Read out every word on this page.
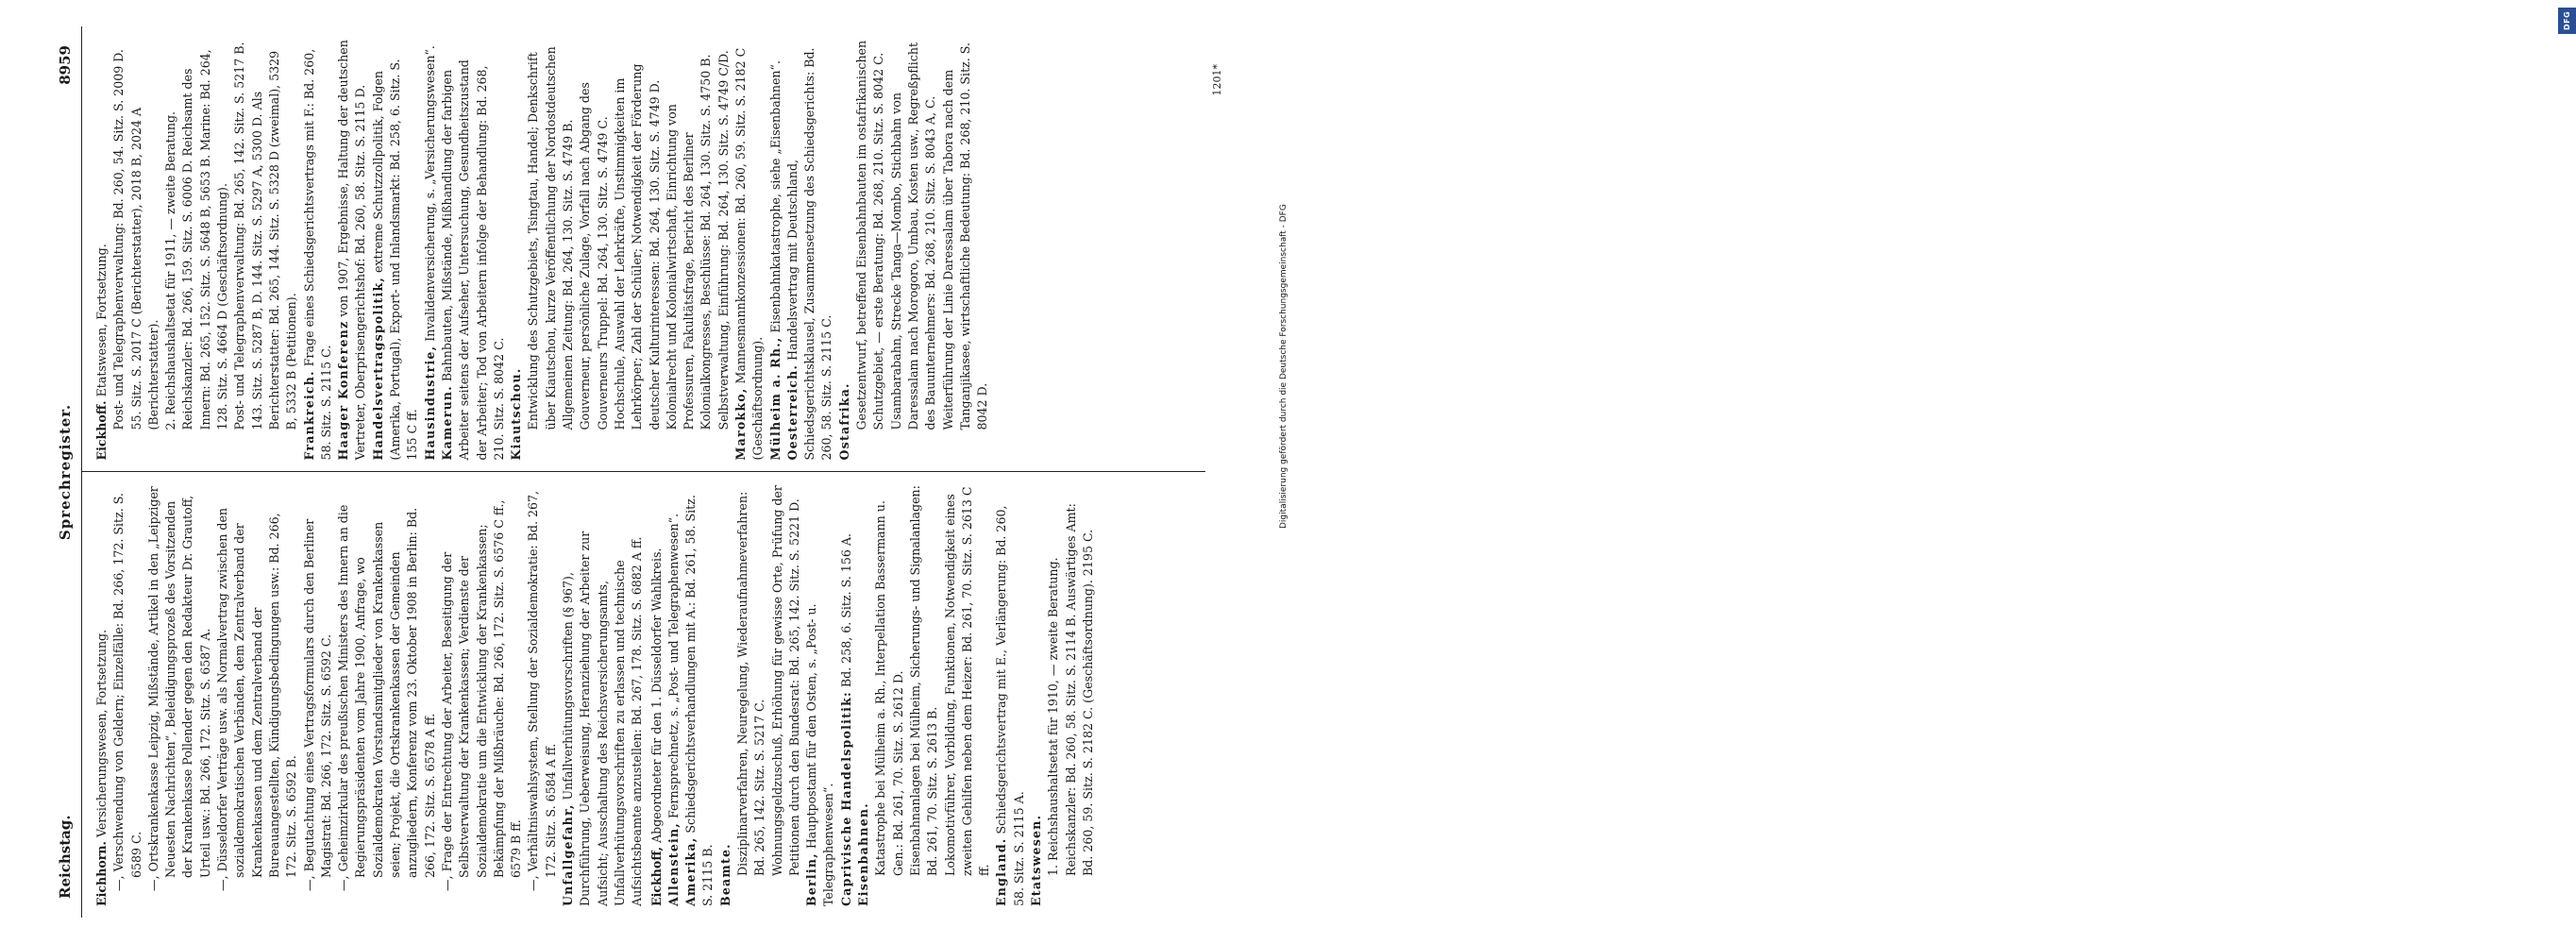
DFG
Digitalisierung gefördert durch die Deutsche Forschungsgemeinschaft - DFG
Reichstag.
Sprechregister.
8959

Eichhorn. Versicherungswesen, Fortsetzung. —, Verschwendung von Geldern; Einzelfälle: Bd. 266, 172. Sitz. S. 6589 C. —, Ortskrankenkasse Leipzig, Mißstände, Artikel in den „Leipziger Neuesten Nachrichten“, Beleidigungsprozeß des Vorsitzenden der Krankenkasse Pollender gegen den Redakteur Dr. Grautoff, Urteil usw.: Bd. 266, 172. Sitz. S. 6587 A. —, Düsseldorfer Verträge usw. als Normalvertrag zwischen den sozialdemokratischen Verbänden, dem Zentralverband der Krankenkassen und dem Zentralverband der Bureauangestellten, Kündigungsbedingungen usw.: Bd. 266, 172. Sitz. S. 6592 B. —, Begutachtung eines Vertragsformulars durch den Berliner Magistrat: Bd. 266, 172. Sitz. S. 6592 C. —, Geheimzirkular des preußischen Ministers des Innern an die Regierungspräsidenten vom Jahre 1900, Anfrage, wo Sozialdemokraten Vorstandsmitglieder von Krankenkassen seien; Projekt, die Ortskrankenkassen der Gemeinden anzugliedern, Konferenz vom 23. Oktober 1908 in Berlin: Bd. 266, 172. Sitz. S. 6578 A ff. —, Frage der Entrechtung der Arbeiter, Beseitigung der Selbstverwaltung der Krankenkassen; Verdienste der Sozialdemokratie um die Entwicklung der Krankenkassen; Bekämpfung der Mißbräuche: Bd. 266, 172. Sitz. S. 6576 C ff., 6579 B ff. —, Verhältniswahlsystem, Stellung der Sozialdemokratie: Bd. 267, 172. Sitz. S. 6584 A ff. Unfallgefahr, Unfallverhütungsvorschriften (§ 967), Durchführung, Ueberweisung, Heranziehung der Arbeiter zur Aufsicht; Ausschaltung des Reichsversicherungsamts, Unfallverhütungsvorschriften zu erlassen und technische Aufsichtsbeamte anzustellen: Bd. 267, 178. Sitz. S. 6882 A ff. Eickhoff, Abgeordneter für den 1. Düsseldorfer Wahlkreis.

Allenstein, Fernsprechnetz, s. „Post- und Telegraphenwesen“.

Amerika, Schiedsgerichtsverhandlungen mit A.: Bd. 261, 58. Sitz. S. 2115 B. Beamte. Disziplinarverfahren, Neuregelung, Wiederaufnahmeverfahren: Bd. 265, 142. Sitz. S. 5217 C. Wohnungsgeldzuschuß, Erhöhung für gewisse Orte, Prüfung der Petitionen durch den Bundesrat: Bd. 265, 142. Sitz. S. 5221 D.

Berlin, Hauptpostamt für den Osten, s. „Post- u. Telegraphenwesen“. Caprivische Handelspolitik: Bd. 258, 6. Sitz. S. 156 A.

Eisenbahnen. Katastrophe bei Mülheim a. Rh., Interpellation Bassermann u. Gen.: Bd. 261, 70. Sitz. S. 2612 D. Eisenbahnanlagen bei Mülheim, Sicherungs- und Signalanlagen: Bd. 261, 70. Sitz. S. 2613 B. Lokomotivführer, Vorbildung, Funktionen, Notwendigkeit eines zweiten Gehilfen neben dem Heizer: Bd. 261, 70. Sitz. S. 2613 C ff. England. Schiedsgerichtsvertrag mit E., Verlängerung: Bd. 260, 58. Sitz. S. 2115 A. Etatswesen. 1. Reichshaushaltsetat für 1910, — zweite Beratung. Reichskanzler: Bd. 260, 58. Sitz. S. 2114 B. Auswärtiges Amt: Bd. 260, 59. Sitz. S. 2182 C. (Geschäftsordnung). 2195 C.

Eickhoff. Etatswesen, Fortsetzung. Post- und Telegraphenverwaltung: Bd. 260, 54. Sitz. S. 2009 D. 55. Sitz. S. 2017 C (Berichterstatter), 2018 B, 2024 A (Berichterstatter). 2. Reichshaushaltsetat für 1911, — zweite Beratung. Reichskanzler: Bd. 266, 159. Sitz. S. 6006 D. Reichsamt des Innern: Bd. 265, 152. Sitz. S. 5648 B, 5653 B. Marine: Bd. 264, 128. Sitz. S. 4664 D (Geschäftsordnung). Post- und Telegraphenverwaltung: Bd. 265, 142. Sitz. S. 5217 B. 143. Sitz. S. 5287 B, D. 144. Sitz. S. 5297 A, 5300 D. Als Berichterstatter: Bd. 265, 144. Sitz. S. 5328 D (zweimal), 5329 B, 5332 B (Petitionen). Frankreich. Frage eines Schiedsgerichtsvertrags mit F.: Bd. 260, 58. Sitz. S. 2115 C. Haager Konferenz von 1907, Ergebnisse, Haltung der deutschen Vertreter, Oberprisengerichtshof: Bd. 260, 58. Sitz. S. 2115 D. Handelsvertragspolitik, extreme Schutzzollpolitik, Folgen (Amerika, Portugal), Export- und Inlandsmarkt: Bd. 258, 6. Sitz. S. 155 C ff. Hausindustrie, Invalidenversicherung, s. „Versicherungswesen“.

Kamerun. Bahnbauten, Mißstände, Mißhandlung der farbigen Arbeiter seitens der Aufseher, Untersuchung, Gesundheitszustand der Arbeiter; Tod von Arbeitern infolge der Behandlung: Bd. 268, 210. Sitz. S. 8042 C. Kiautschou. Entwicklung des Schutzgebiets, Tsingtau, Handel; Denkschrift über Kiautschou, kurze Veröffentlichung der Nordostdeutschen Allgemeinen Zeitung: Bd. 264, 130. Sitz. S. 4749 B. Gouverneur, persönliche Zulage, Vorfall nach Abgang des Gouverneurs Truppel: Bd. 264, 130. Sitz. S. 4749 C. Hochschule, Auswahl der Lehrkräfte, Unstimmigkeiten im Lehrkörper; Zahl der Schüler; Notwendigkeit der Förderung deutscher Kulturinteressen: Bd. 264, 130. Sitz. S. 4749 D. Kolonialrecht und Kolonialwirtschaft, Einrichtung von Professuren, Fakultätsfrage, Bericht des Berliner Kolonialkongresses, Beschlüsse: Bd. 264, 130. Sitz. S. 4750 B. Selbstverwaltung, Einführung: Bd. 264, 130. Sitz. S. 4749 C/D. Marokko, Mannesmannkonzessionen: Bd. 260, 59. Sitz. S. 2182 C (Geschäftsordnung). Mülheim a. Rh., Eisenbahnkatastrophe, siehe „Eisenbahnen“.

Oesterreich. Handelsvertrag mit Deutschland, Schiedsgerichtsklausel, Zusammensetzung des Schiedsgerichts: Bd. 260, 58. Sitz. S. 2115 C. Ostafrika. Gesetzentwurf, betreffend Eisenbahnbauten im ostafrikanischen Schutzgebiet, — erste Beratung: Bd. 268, 210. Sitz. S. 8042 C. Usambarabahn, Strecke Tanga—Mombo, Stichbahn von Daressalam nach Morogoro, Umbau, Kosten usw., Regreßpflicht des Bauunternehmers: Bd. 268, 210. Sitz. S. 8043 A, C. Weiterführung der Linie Daressalam über Tabora nach dem Tanganjikasee, wirtschaftliche Bedeutung: Bd. 268, 210. Sitz. S. 8042 D.

1201*
